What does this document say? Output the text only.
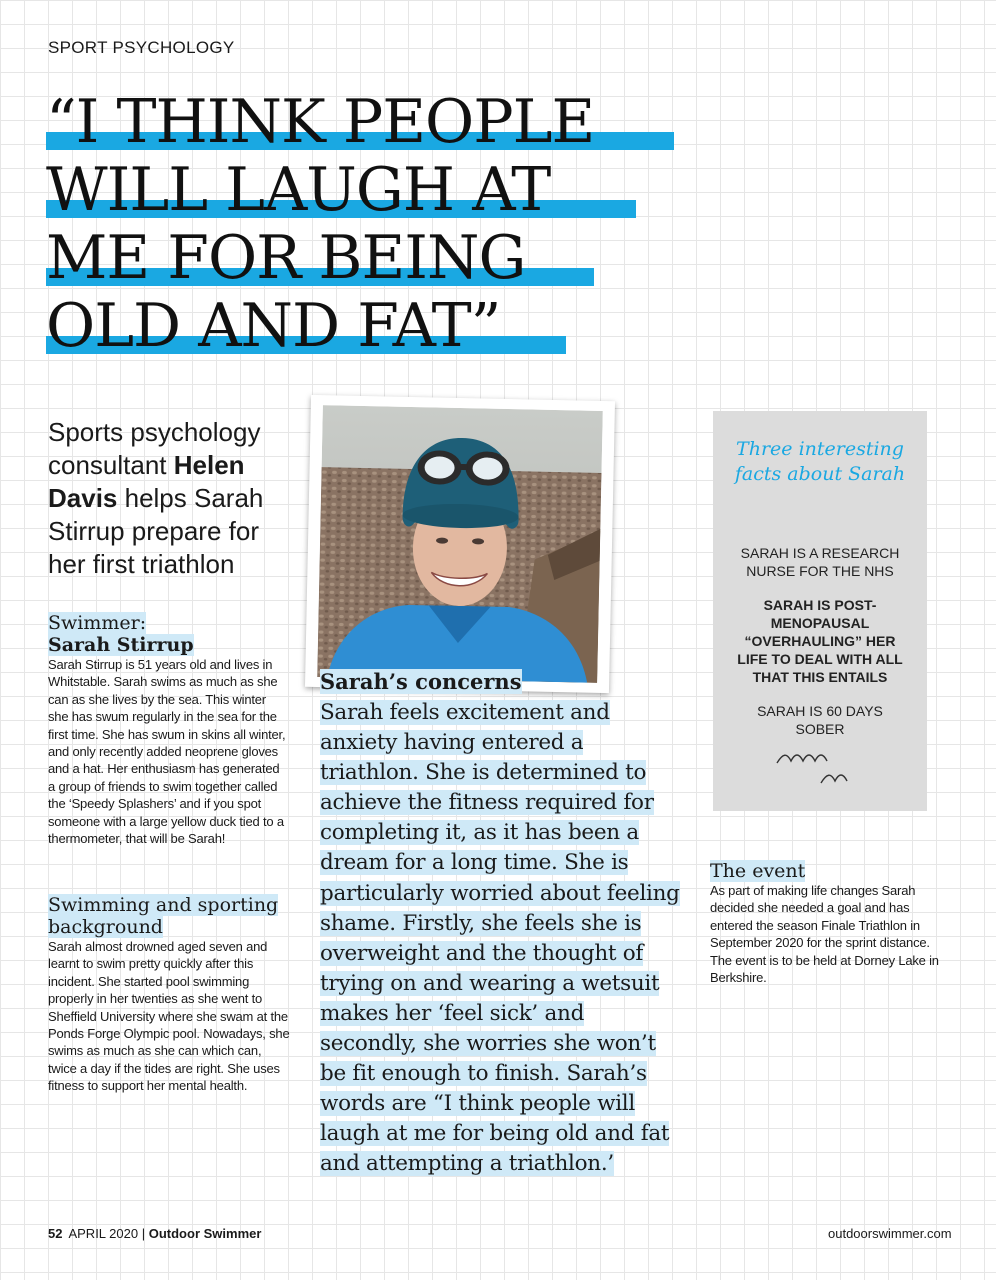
SPORT PSYCHOLOGY
“I THINK PEOPLE
WILL LAUGH AT
ME FOR BEING
OLD AND FAT”
Sports psychology consultant Helen Davis helps Sarah Stirrup prepare for her first triathlon
Swimmer:
Sarah Stirrup
Sarah Stirrup is 51 years old and lives in Whitstable. Sarah swims as much as she can as she lives by the sea. This winter she has swum regularly in the sea for the first time. She has swum in skins all winter, and only recently added neoprene gloves and a hat. Her enthusiasm has generated a group of friends to swim together called the ‘Speedy Splashers’ and if you spot someone with a large yellow duck tied to a thermometer, that will be Sarah!
Swimming and sporting background
Sarah almost drowned aged seven and learnt to swim pretty quickly after this incident. She started pool swimming properly in her twenties as she went to Sheffield University where she swam at the Ponds Forge Olympic pool. Nowadays, she swims as much as she can which can, twice a day if the tides are right. She uses fitness to support her mental health.
Sarah’s concerns
Sarah feels excitement and anxiety having entered a triathlon. She is determined to achieve the fitness required for completing it, as it has been a dream for a long time. She is particularly worried about feeling shame. Firstly, she feels she is overweight and the thought of trying on and wearing a wetsuit makes her ‘feel sick’ and secondly, she worries she won’t be fit enough to finish. Sarah’s words are “I think people will laugh at me for being old and fat and attempting a triathlon.’
Three interesting facts about Sarah
SARAH IS A RESEARCH NURSE FOR THE NHS
SARAH IS POST-MENOPAUSAL “OVERHAULING” HER LIFE TO DEAL WITH ALL THAT THIS ENTAILS
SARAH IS 60 DAYS SOBER
The event
As part of making life changes Sarah decided she needed a goal and has entered the season Finale Triathlon in September 2020 for the sprint distance. The event is to be held at Dorney Lake in Berkshire.
52 APRIL 2020 | Outdoor Swimmer	outdoorswimmer.com
